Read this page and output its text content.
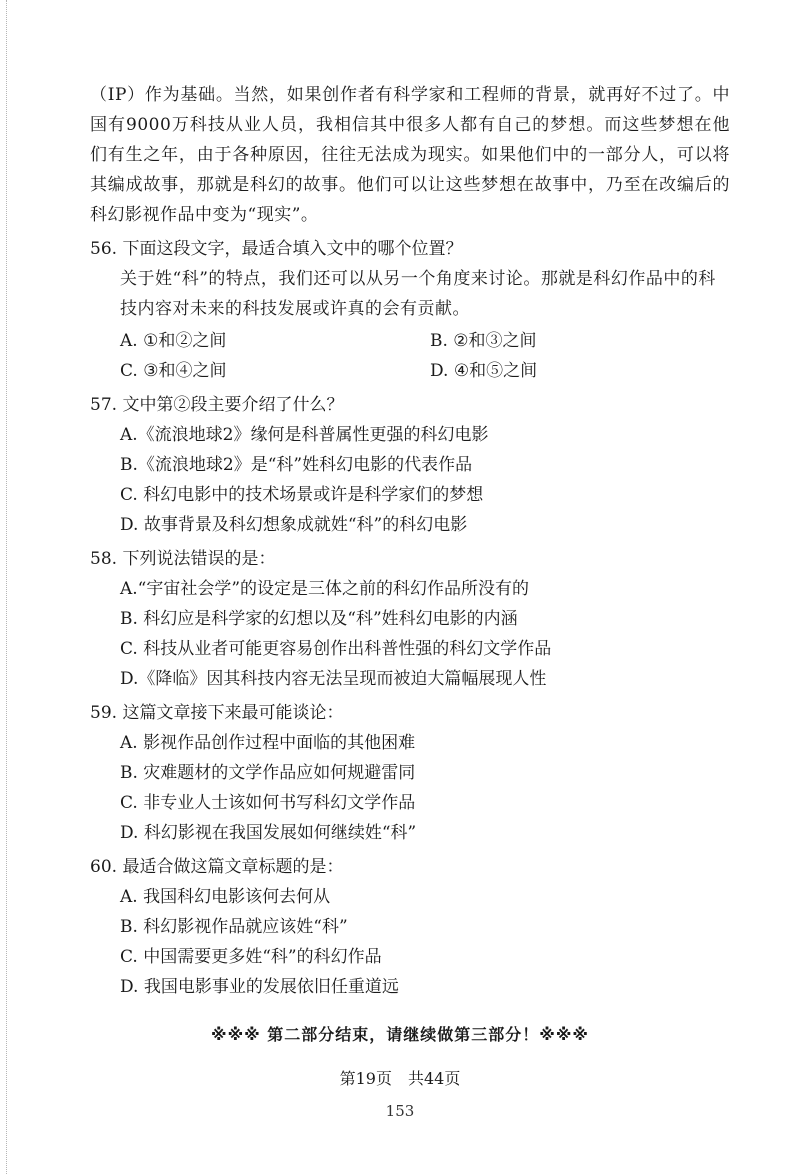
（IP）作为基础。当然，如果创作者有科学家和工程师的背景，就再好不过了。中国有9000万科技从业人员，我相信其中很多人都有自己的梦想。而这些梦想在他们有生之年，由于各种原因，往往无法成为现实。如果他们中的一部分人，可以将其编成故事，那就是科幻的故事。他们可以让这些梦想在故事中，乃至在改编后的科幻影视作品中变为“现实”。

56. 下面这段文字，最适合填入文中的哪个位置？

关于姓“科”的特点，我们还可以从另一个角度来讨论。那就是科幻作品中的科技内容对未来的科技发展或许真的会有贡献。

A. ①和②之间	B. ②和③之间

C. ③和④之间	D. ④和⑤之间

57. 文中第②段主要介绍了什么？

A.《流浪地球2》缘何是科普属性更强的科幻电影

B.《流浪地球2》是“科”姓科幻电影的代表作品

C. 科幻电影中的技术场景或许是科学家们的梦想

D. 故事背景及科幻想象成就姓“科”的科幻电影

58. 下列说法错误的是：

A.“宇宙社会学”的设定是三体之前的科幻作品所没有的

B. 科幻应是科学家的幻想以及“科”姓科幻电影的内涵

C. 科技从业者可能更容易创作出科普性强的科幻文学作品

D.《降临》因其科技内容无法呈现而被迫大篇幅展现人性

59. 这篇文章接下来最可能谈论：

A. 影视作品创作过程中面临的其他困难

B. 灾难题材的文学作品应如何规避雷同

C. 非专业人士该如何书写科幻文学作品

D. 科幻影视在我国发展如何继续姓“科”

60. 最适合做这篇文章标题的是：

A. 我国科幻电影该何去何从

B. 科幻影视作品就应该姓“科”

C. 中国需要更多姓“科”的科幻作品

D. 我国电影事业的发展依旧任重道远

※※※ 第二部分结束，请继续做第三部分！※※※
第19页　共44页
153
